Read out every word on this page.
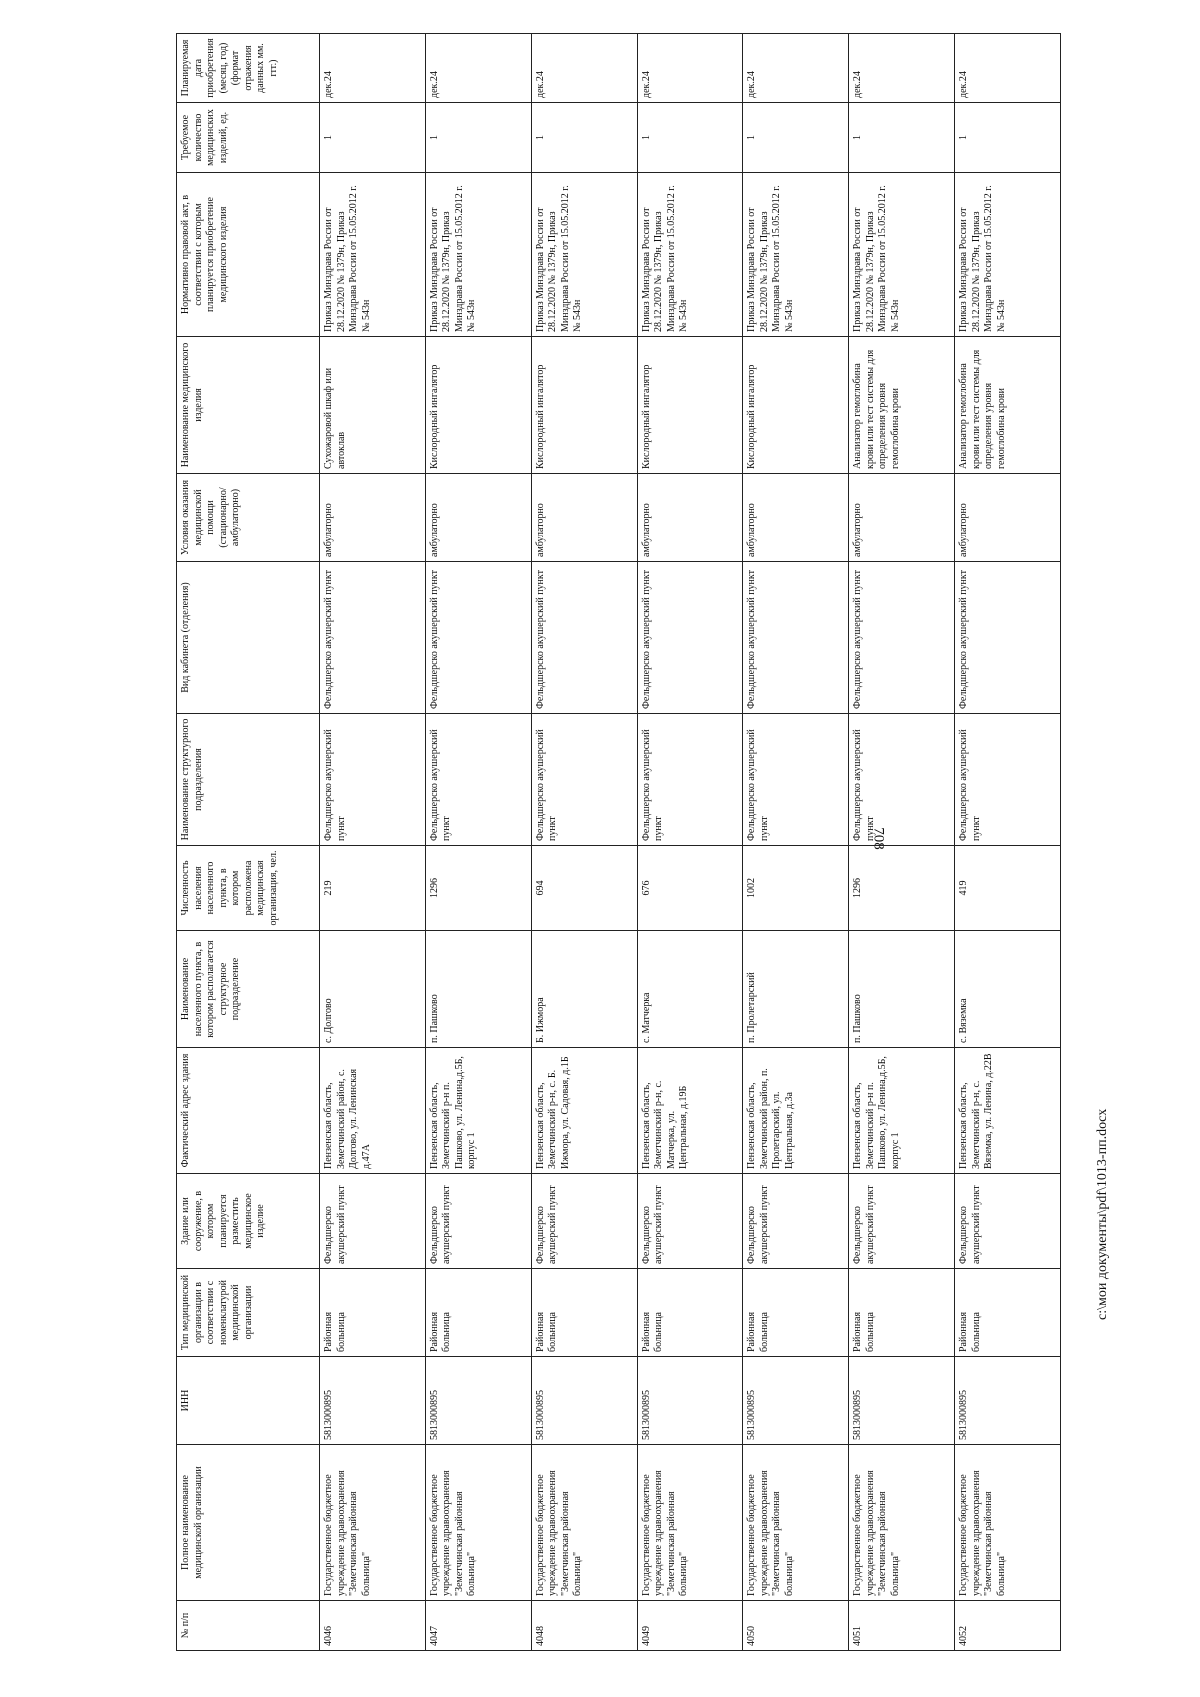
708
№ п/п	Полное наименование медицинской организации	ИНН	Тип медицинской организации в соответствии с номенклатурой медицинской организации	Здание или сооружение, в котором планируется разместить медицинское изделие	Фактический адрес здания	Наименование населенного пункта, в котором располагается структурное подразделение	Численность населения населенного пункта, в котором расположена медицинская организация, чел.	Наименование структурного подразделения	Вид кабинета (отделения)	Условия оказания медицинской помощи (стационарно/ амбулаторно)	Наименование медицинского изделия	Нормативно правовой акт, в соответствии с которым планируется приобретение медицинского изделия	Требуемое количество медицинских изделий, ед.	Планируемая дата приобретения (месяц, год) (формат отражения данных мм. ггг.)
4046	Государственное бюджетное учреждение здравоохранения "Земетчинская районная больница"	5813000895	Районная больница	Фельдшерско акушерский пункт	Пензенская область, Земетчинский район, с. Долгово, ул. Ленинская д.47А	с. Долгово	219	Фельдшерско акушерский пункт	Фельдшерско акушерский пункт	амбулаторно	Сухожаровой шкаф или автоклав	Приказ Минздрава России от 28.12.2020 № 1379н, Приказ Минздрава России от 15.05.2012 г. № 543н	1	дек.24
4047	Государственное бюджетное учреждение здравоохранения "Земетчинская районная больница"	5813000895	Районная больница	Фельдшерско акушерский пункт	Пензенская область, Земетчинский р-н п. Пашково, ул. Ленина,д.5Б, корпус 1	п. Пашково	1296	Фельдшерско акушерский пункт	Фельдшерско акушерский пункт	амбулаторно	Кислородный ингалятор	Приказ Минздрава России от 28.12.2020 № 1379н, Приказ Минздрава России от 15.05.2012 г. № 543н	1	дек.24
4048	Государственное бюджетное учреждение здравоохранения "Земетчинская районная больница"	5813000895	Районная больница	Фельдшерско акушерский пункт	Пензенская область, Земетчинский р-н, с. Б. Ижмора, ул. Садовая, д.1Б	Б. Ижмора	694	Фельдшерско акушерский пункт	Фельдшерско акушерский пункт	амбулаторно	Кислородный ингалятор	Приказ Минздрава России от 28.12.2020 № 1379н, Приказ Минздрава России от 15.05.2012 г. № 543н	1	дек.24
4049	Государственное бюджетное учреждение здравоохранения "Земетчинская районная больница"	5813000895	Районная больница	Фельдшерско акушерский пункт	Пензенская область, Земетчинский р-н, с. Матчерка, ул. Центральная, д.19Б	с. Матчерка	676	Фельдшерско акушерский пункт	Фельдшерско акушерский пункт	амбулаторно	Кислородный ингалятор	Приказ Минздрава России от 28.12.2020 № 1379н, Приказ Минздрава России от 15.05.2012 г. № 543н	1	дек.24
4050	Государственное бюджетное учреждение здравоохранения "Земетчинская районная больница"	5813000895	Районная больница	Фельдшерско акушерский пункт	Пензенская область, Земетчинский район, п. Пролетарский, ул. Центральная, д.3а	п. Пролетарский	1002	Фельдшерско акушерский пункт	Фельдшерско акушерский пункт	амбулаторно	Кислородный ингалятор	Приказ Минздрава России от 28.12.2020 № 1379н, Приказ Минздрава России от 15.05.2012 г. № 543н	1	дек.24
4051	Государственное бюджетное учреждение здравоохранения "Земетчинская районная больница"	5813000895	Районная больница	Фельдшерско акушерский пункт	Пензенская область, Земетчинский р-н п. Пашково, ул. Ленина,д.5Б, корпус 1	п. Пашково	1296	Фельдшерско акушерский пункт	Фельдшерско акушерский пункт	амбулаторно	Анализатор гемоглобина крови или тест системы для определения уровня гемоглобина крови	Приказ Минздрава России от 28.12.2020 № 1379н, Приказ Минздрава России от 15.05.2012 г. № 543н	1	дек.24
4052	Государственное бюджетное учреждение здравоохранения "Земетчинская районная больница"	5813000895	Районная больница	Фельдшерско акушерский пункт	Пензенская область, Земетчинский р-н, с. Вяземка, ул. Ленина, д.22В	с. Вяземка	419	Фельдшерско акушерский пункт	Фельдшерско акушерский пункт	амбулаторно	Анализатор гемоглобина крови или тест системы для определения уровня гемоглобина крови	Приказ Минздрава России от 28.12.2020 № 1379н, Приказ Минздрава России от 15.05.2012 г. № 543н	1	дек.24
c:\мои документы\pdf\1013-пп.docx
